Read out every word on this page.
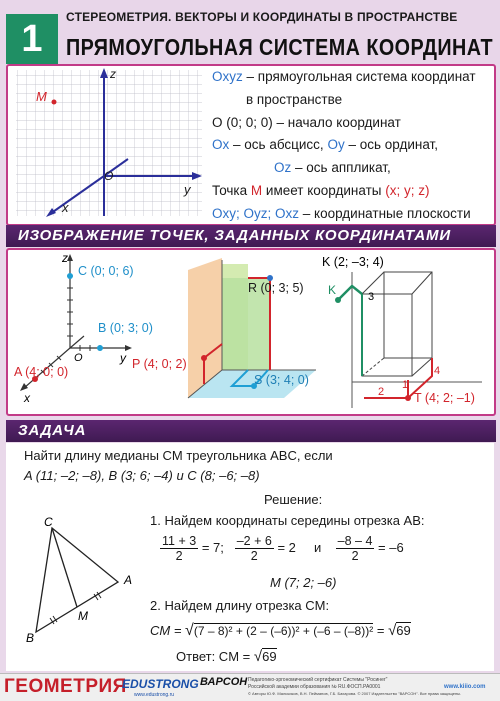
1
СТЕРЕОМЕТРИЯ. ВЕКТОРЫ И КООРДИНАТЫ В ПРОСТРАНСТВЕ
ПРЯМОУГОЛЬНАЯ СИСТЕМА КООРДИНАТ
M
z
y
x
O
Oxyz – прямоугольная система координат
в пространстве
O (0; 0; 0) – начало координат
Ox – ось абсцисс, Oy – ось ординат,
Oz – ось аппликат,
Точка M имеет координаты (x; y; z)
Oxy; Oyz; Oxz – координатные плоскости
ИЗОБРАЖЕНИЕ ТОЧЕК, ЗАДАННЫХ КООРДИНАТАМИ
z
y
x
O
C (0; 0; 6)
B (0; 3; 0)
A (4; 0; 0)
R (0; 3; 5)
P (4; 0; 2)
S (3; 4; 0)
K (2; –3; 4)
K	3
1
2
4
T (4; 2; –1)
ЗАДАЧА
Найти длину медианы CM треугольника ABC, если
A (11; –2; –8), B (3; 6; –4) и C (8; –6; –8)
Решение:
1. Найдем координаты середины отрезка AB:
$\frac{11 + 3}{2} = 7$; $\frac{-2 + 6}{2} = 2$ и $\frac{-8 - 4}{2} = -6$
M (7; 2; –6)
2. Найдем длину отрезка CM:
CM = √(7 – 8)² + (2 – (–6))² + (–6 – (–8))² = √69
Ответ: CM = √69
C
A
B
M
ГЕОМЕТРИЯ
EDUSTRONG
www.edustrong.ru
ВАРСОН Педагогико-эргономический сертификат Системы "Росинег"
Российской академии образования № RU.ФОСП.РА0001
© Авторы Ю.Ф. Мальчиков, В.Н. Пейманов, Г.Б. Бахарова. © 2007 Издательство "ВАРСОН". Все права защищены.
www.kiiio.com
